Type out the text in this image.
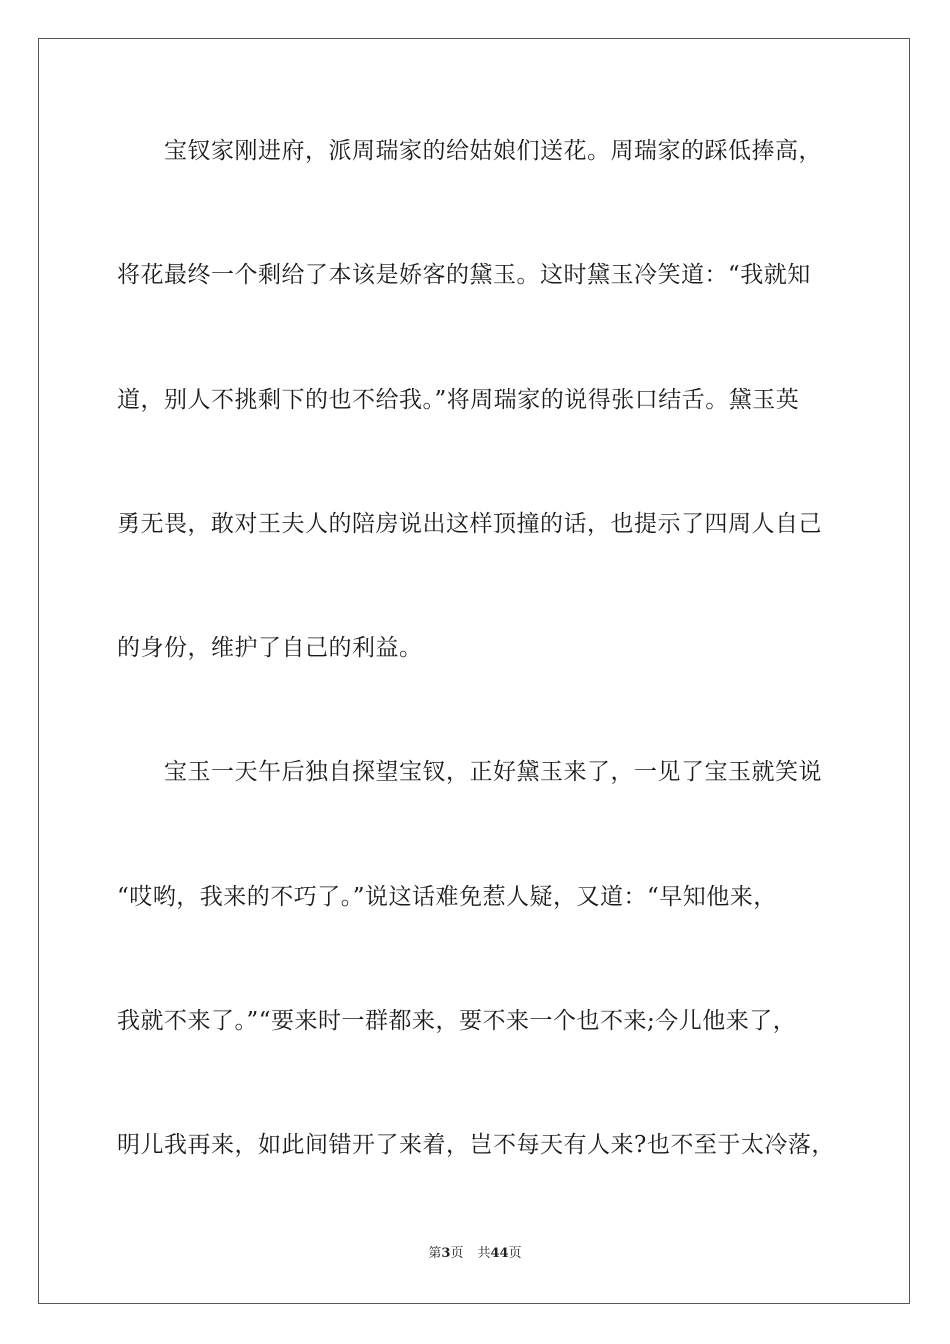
宝钗家刚进府，派周瑞家的给姑娘们送花。周瑞家的踩低捧高，
将花最终一个剩给了本该是娇客的黛玉。这时黛玉冷笑道：“我就知
道，别人不挑剩下的也不给我。”将周瑞家的说得张口结舌。黛玉英
勇无畏，敢对王夫人的陪房说出这样顶撞的话，也提示了四周人自己
的身份，维护了自己的利益。
宝玉一天午后独自探望宝钗，正好黛玉来了，一见了宝玉就笑说
“哎哟，我来的不巧了。”说这话难免惹人疑，又道：“早知他来，
我就不来了。”“要来时一群都来，要不来一个也不来;今儿他来了，
明儿我再来，如此间错开了来着，岂不每天有人来?也不至于太冷落，
第3页 共44页
